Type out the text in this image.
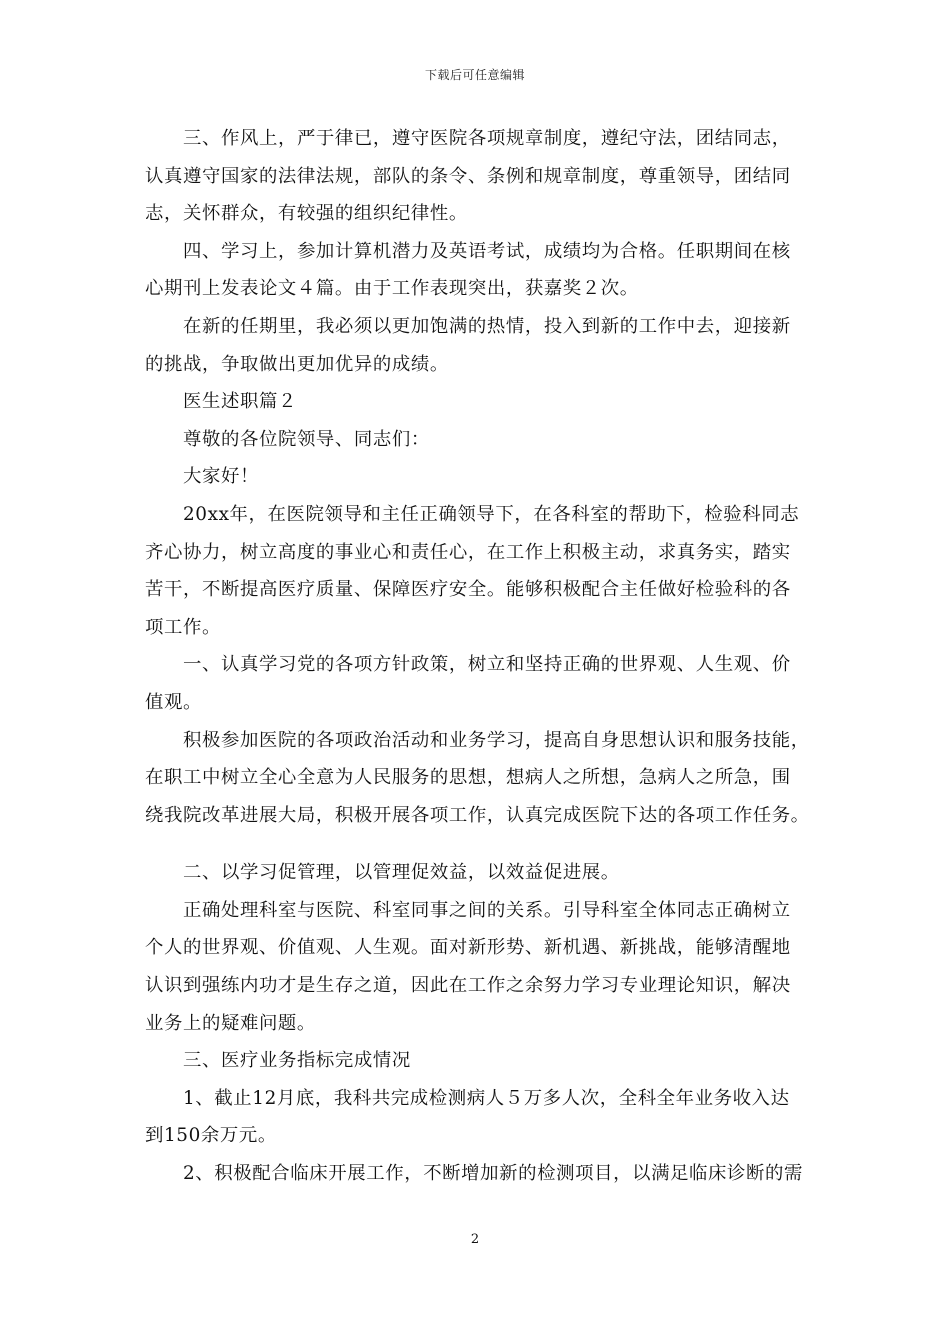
下载后可任意编辑
三、作风上，严于律已，遵守医院各项规章制度，遵纪守法，团结同志，
认真遵守国家的法律法规，部队的条令、条例和规章制度，尊重领导，团结同
志，关怀群众，有较强的组织纪律性。
四、学习上，参加计算机潜力及英语考试，成绩均为合格。任职期间在核
心期刊上发表论文４篇。由于工作表现突出，获嘉奖２次。
在新的任期里，我必须以更加饱满的热情，投入到新的工作中去，迎接新
的挑战，争取做出更加优异的成绩。
医生述职篇２
尊敬的各位院领导、同志们：
大家好！
20xx年，在医院领导和主任正确领导下，在各科室的帮助下，检验科同志
齐心协力，树立高度的事业心和责任心，在工作上积极主动，求真务实，踏实
苦干，不断提高医疗质量、保障医疗安全。能够积极配合主任做好检验科的各
项工作。
一、认真学习党的各项方针政策，树立和坚持正确的世界观、人生观、价
值观。
积极参加医院的各项政治活动和业务学习，提高自身思想认识和服务技能，
在职工中树立全心全意为人民服务的思想，想病人之所想，急病人之所急，围
绕我院改革进展大局，积极开展各项工作，认真完成医院下达的各项工作任务。
二、以学习促管理，以管理促效益，以效益促进展。
正确处理科室与医院、科室同事之间的关系。引导科室全体同志正确树立
个人的世界观、价值观、人生观。面对新形势、新机遇、新挑战，能够清醒地
认识到强练内功才是生存之道，因此在工作之余努力学习专业理论知识，解决
业务上的疑难问题。
三、医疗业务指标完成情况
1、截止12月底，我科共完成检测病人５万多人次，全科全年业务收入达
到150余万元。
2、积极配合临床开展工作，不断增加新的检测项目，以满足临床诊断的需
2
